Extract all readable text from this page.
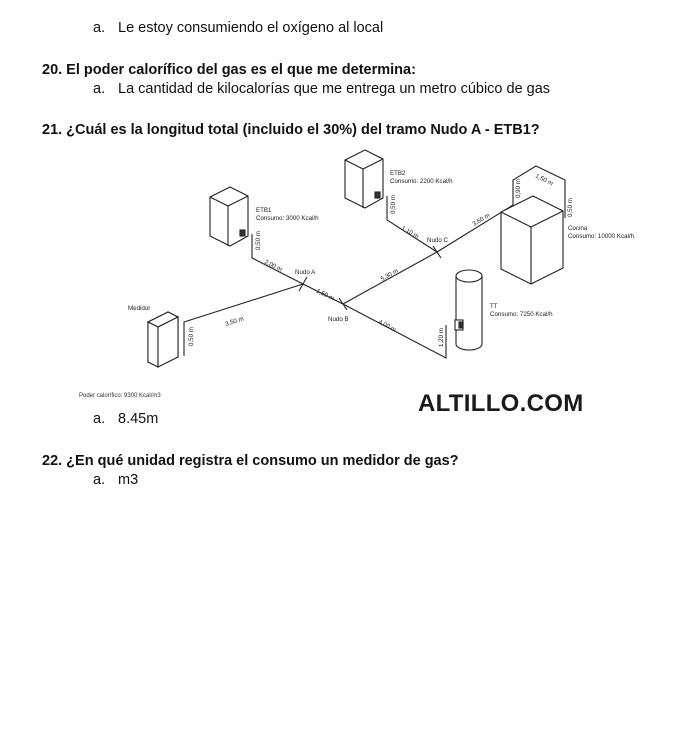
a. Le estoy consumiendo el oxígeno al local
20. El poder calorífico del gas es el que me determina:
a. La cantidad de kilocalorías que me entrega un metro cúbico de gas
21. ¿Cuál es la longitud total (incluido el 30%) del tramo Nudo A - ETB1?
Medidor
0,50 m
3,50 m
ETB1
Consumo: 3000 Kcal/h
0,50 m
2,00 m Nudo A
1,50 m
Nudo B
5,30 m
Nudo C
ETB2
Consumo: 2200 Kcal/h
0,50 m
1,10 m
3,60 m
0,90 m 1,50 m
0,50 m
Cocina
Consumo: 10000 Kcal/h
4,00 m
1,20 m
TT
Consumo: 7250 Kcal/h
Poder calorífico: 9300 Kcal/m3	ALTILLO.COM
a. 8.45m
22. ¿En qué unidad registra el consumo un medidor de gas?
a. m3
